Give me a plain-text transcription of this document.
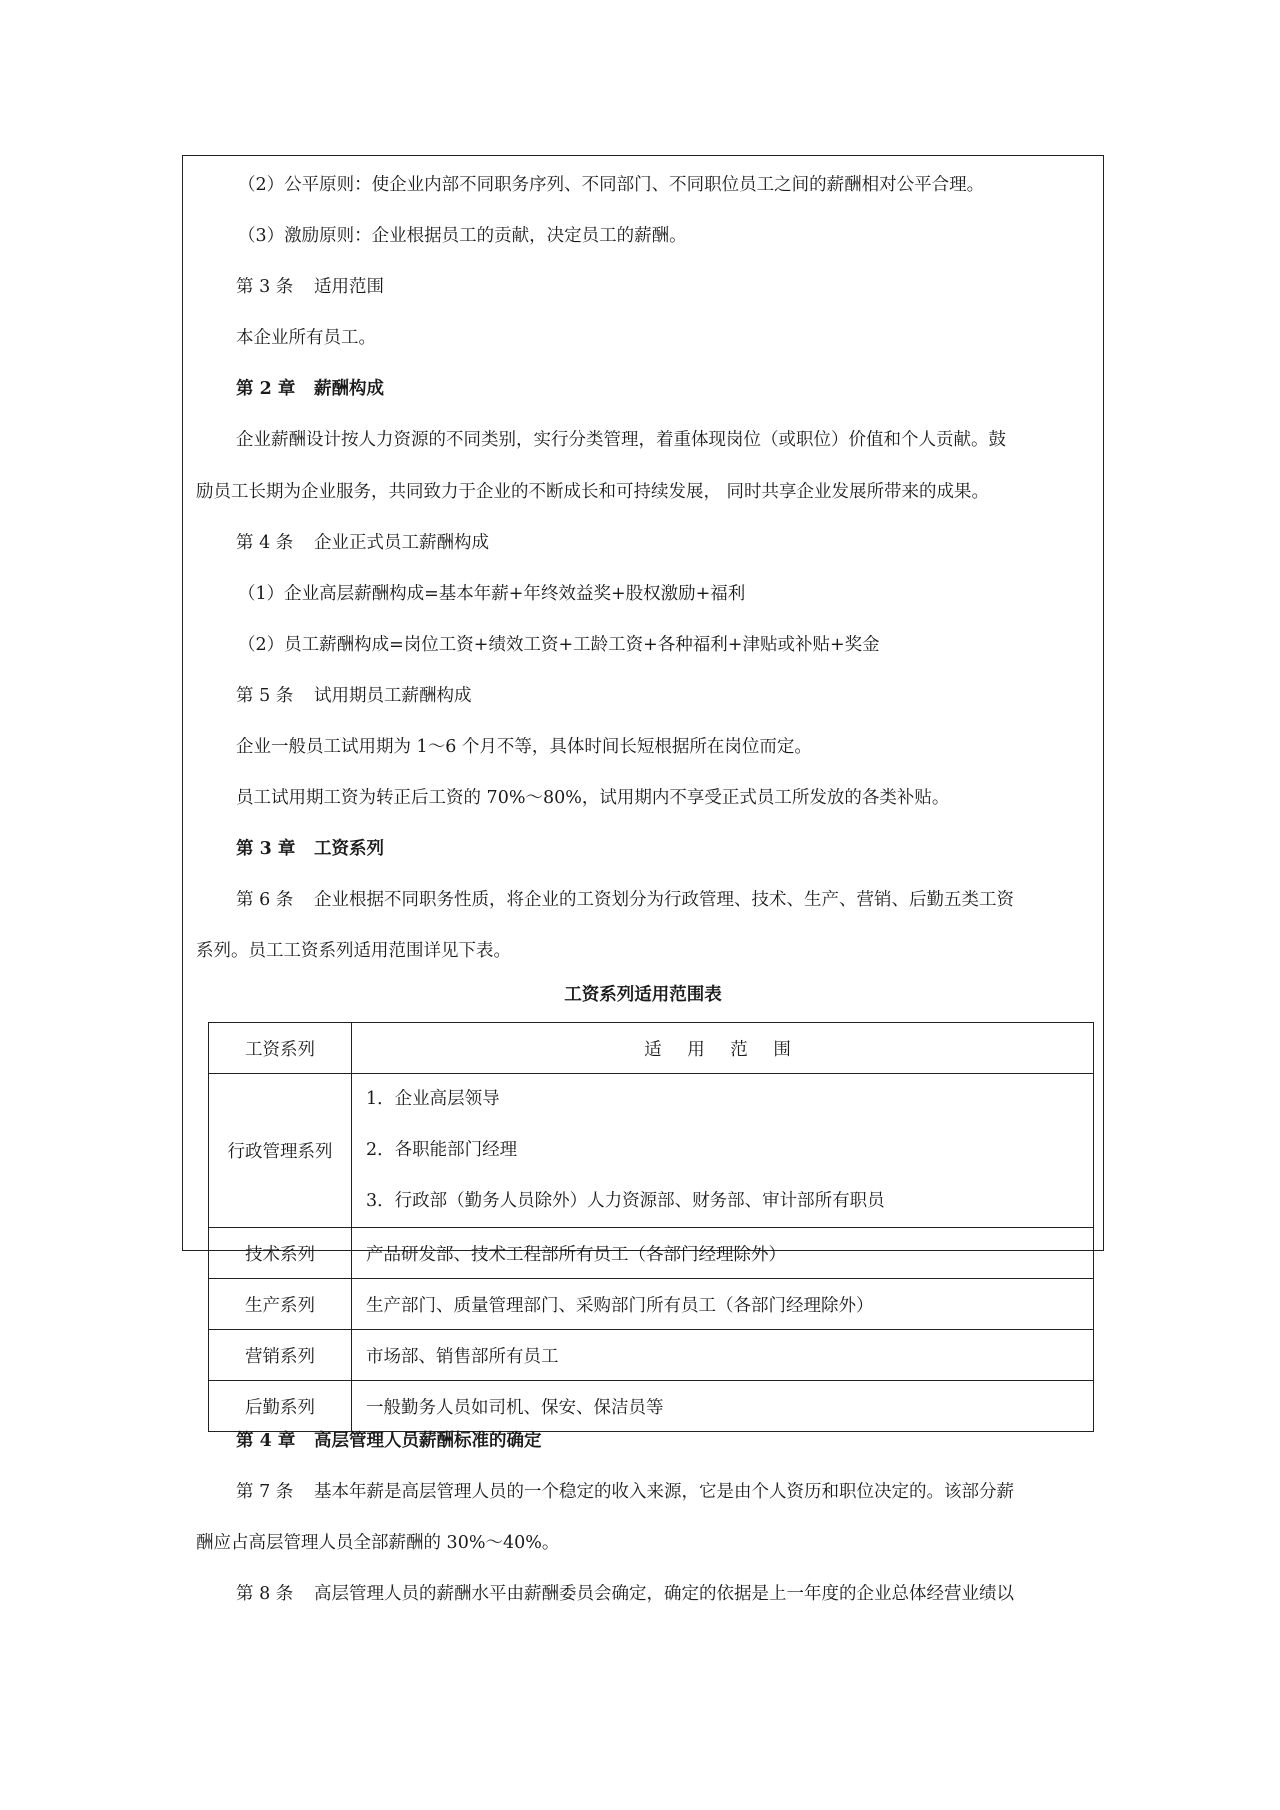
（2）公平原则：使企业内部不同职务序列、不同部门、不同职位员工之间的薪酬相对公平合理。

（3）激励原则：企业根据员工的贡献，决定员工的薪酬。

第 3 条 适用范围

本企业所有员工。

第 2 章 薪酬构成

企业薪酬设计按人力资源的不同类别，实行分类管理，着重体现岗位（或职位）价值和个人贡献。鼓

励员工长期为企业服务，共同致力于企业的不断成长和可持续发展， 同时共享企业发展所带来的成果。

第 4 条 企业正式员工薪酬构成

（1）企业高层薪酬构成=基本年薪+年终效益奖+股权激励+福利

（2）员工薪酬构成=岗位工资+绩效工资+工龄工资+各种福利+津贴或补贴+奖金

第 5 条 试用期员工薪酬构成

企业一般员工试用期为 1～6 个月不等，具体时间长短根据所在岗位而定。

员工试用期工资为转正后工资的 70%～80%，试用期内不享受正式员工所发放的各类补贴。

第 3 章 工资系列

第 6 条 企业根据不同职务性质，将企业的工资划分为行政管理、技术、生产、营销、后勤五类工资

系列。员工工资系列适用范围详见下表。

工资系列适用范围表

工资系列	适 用 范 围
行政管理系列	1．企业高层领导
2．各职能部门经理
3．行政部（勤务人员除外）人力资源部、财务部、审计部所有职员

技术系列	产品研发部、技术工程部所有员工（各部门经理除外）
生产系列	生产部门、质量管理部门、采购部门所有员工（各部门经理除外）
营销系列	市场部、销售部所有员工
后勤系列	一般勤务人员如司机、保安、保洁员等

第 4 章 高层管理人员薪酬标准的确定

第 7 条 基本年薪是高层管理人员的一个稳定的收入来源，它是由个人资历和职位决定的。该部分薪

酬应占高层管理人员全部薪酬的 30%～40%。

第 8 条 高层管理人员的薪酬水平由薪酬委员会确定，确定的依据是上一年度的企业总体经营业绩以
